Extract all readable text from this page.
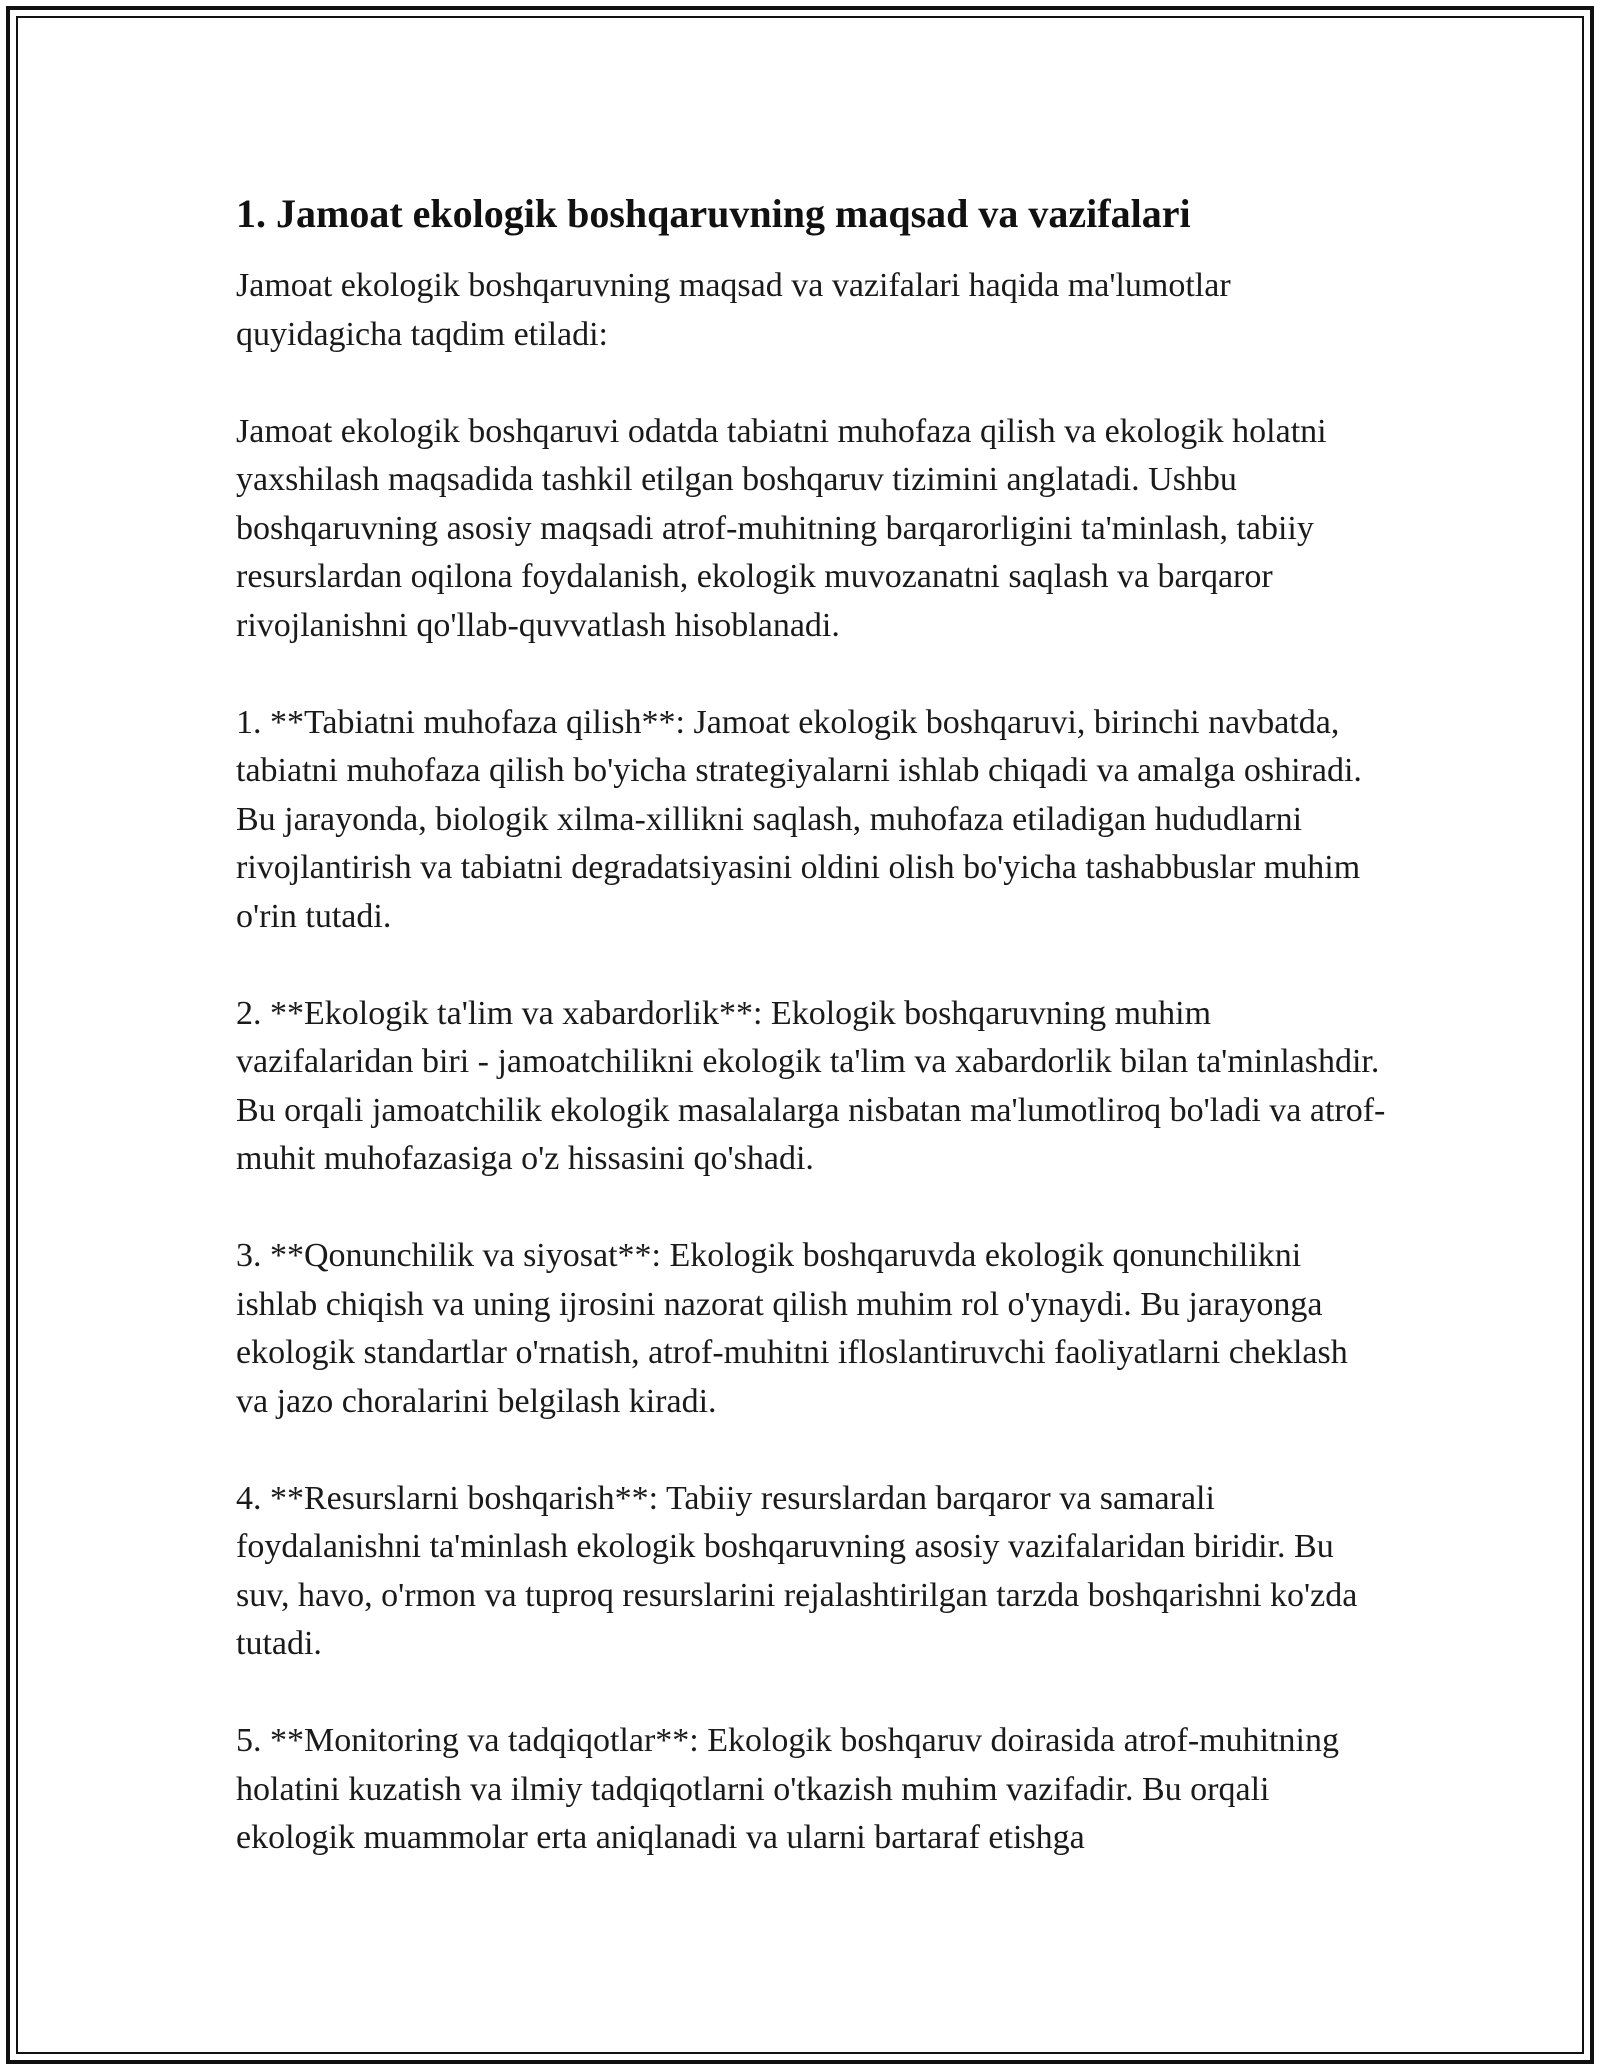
1. Jamoat ekologik boshqaruvning maqsad va vazifalari

Jamoat ekologik boshqaruvning maqsad va vazifalari haqida ma'lumotlar quyidagicha taqdim etiladi:

Jamoat ekologik boshqaruvi odatda tabiatni muhofaza qilish va ekologik holatni yaxshilash maqsadida tashkil etilgan boshqaruv tizimini anglatadi. Ushbu boshqaruvning asosiy maqsadi atrof-muhitning barqarorligini ta'minlash, tabiiy resurslardan oqilona foydalanish, ekologik muvozanatni saqlash va barqaror rivojlanishni qo'llab-quvvatlash hisoblanadi.

1. **Tabiatni muhofaza qilish**: Jamoat ekologik boshqaruvi, birinchi navbatda, tabiatni muhofaza qilish bo'yicha strategiyalarni ishlab chiqadi va amalga oshiradi. Bu jarayonda, biologik xilma-xillikni saqlash, muhofaza etiladigan hududlarni rivojlantirish va tabiatni degradatsiyasini oldini olish bo'yicha tashabbuslar muhim o'rin tutadi.

2. **Ekologik ta'lim va xabardorlik**: Ekologik boshqaruvning muhim vazifalaridan biri - jamoatchilikni ekologik ta'lim va xabardorlik bilan ta'minlashdir. Bu orqali jamoatchilik ekologik masalalarga nisbatan ma'lumotliroq bo'ladi va atrof-muhit muhofazasiga o'z hissasini qo'shadi.

3. **Qonunchilik va siyosat**: Ekologik boshqaruvda ekologik qonunchilikni ishlab chiqish va uning ijrosini nazorat qilish muhim rol o'ynaydi. Bu jarayonga ekologik standartlar o'rnatish, atrof-muhitni ifloslantiruvchi faoliyatlarni cheklash va jazo choralarini belgilash kiradi.

4. **Resurslarni boshqarish**: Tabiiy resurslardan barqaror va samarali foydalanishni ta'minlash ekologik boshqaruvning asosiy vazifalaridan biridir. Bu suv, havo, o'rmon va tuproq resurslarini rejalashtirilgan tarzda boshqarishni ko'zda tutadi.

5. **Monitoring va tadqiqotlar**: Ekologik boshqaruv doirasida atrof-muhitning holatini kuzatish va ilmiy tadqiqotlarni o'tkazish muhim vazifadir. Bu orqali ekologik muammolar erta aniqlanadi va ularni bartaraf etishga
